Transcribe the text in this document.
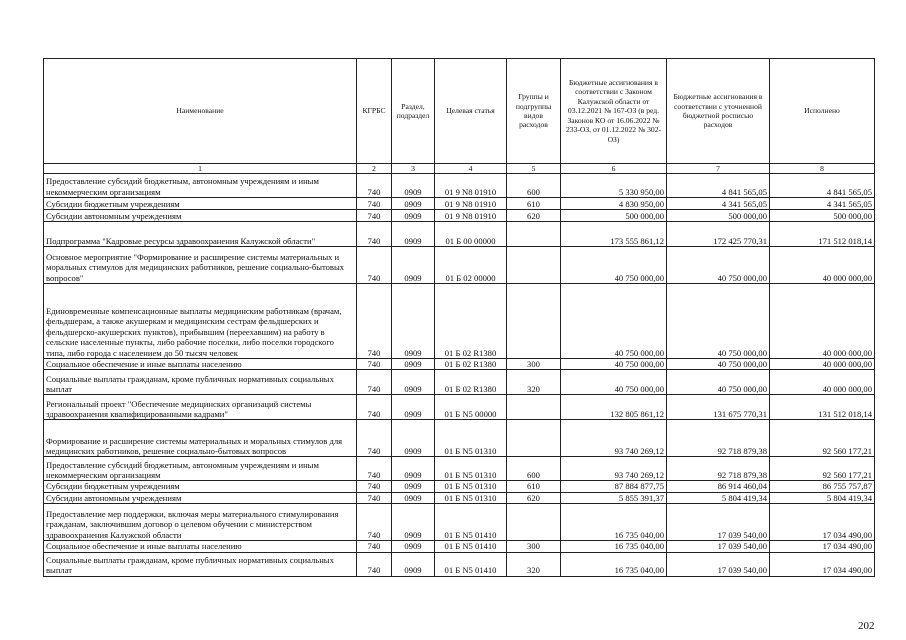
Наименование	КГРБС	Раздел, подраздел	Целевая статья	Группы и подгруппы видов расходов	Бюджетные ассигнования в соответствии с Законом Калужской области от 03.12.2021 № 167-ОЗ (в ред. Законов КО от 16.06.2022 № 233-ОЗ, от 01.12.2022 № 302-ОЗ)	Бюджетные ассигнования в соответствии с уточненной бюджетной росписью расходов	Исполнено
1	2	3	4	5	6	7	8
Предоставление субсидий бюджетным, автономным учреждениям и иным некоммерческим организациям	740	0909	01 9 N8 01910	600	5 330 950,00	4 841 565,05	4 841 565,05
Субсидии бюджетным учреждениям	740	0909	01 9 N8 01910	610	4 830 950,00	4 341 565,05	4 341 565,05
Субсидии автономным учреждениям	740	0909	01 9 N8 01910	620	500 000,00	500 000,00	500 000,00
Подпрограмма "Кадровые ресурсы здравоохранения Калужской области"	740	0909	01 Б 00 00000		173 555 861,12	172 425 770,31	171 512 018,14
Основное мероприятие "Формирование и расширение системы материальных и моральных стимулов для медицинских работников, решение социально-бытовых вопросов"	740	0909	01 Б 02 00000		40 750 000,00	40 750 000,00	40 000 000,00
Единовременные компенсационные выплаты медицинским работникам (врачам, фельдшерам, а также акушеркам и медицинским сестрам фельдшерских и фельдшерско-акушерских пунктов), прибывшим (переехавшим) на работу в сельские населенные пункты, либо рабочие поселки, либо поселки городского типа, либо города с населением до 50 тысяч человек	740	0909	01 Б 02 R1380		40 750 000,00	40 750 000,00	40 000 000,00
Социальное обеспечение и иные выплаты населению	740	0909	01 Б 02 R1380	300	40 750 000,00	40 750 000,00	40 000 000,00
Социальные выплаты гражданам, кроме публичных нормативных социальных выплат	740	0909	01 Б 02 R1380	320	40 750 000,00	40 750 000,00	40 000 000,00
Региональный проект "Обеспечение медицинских организаций системы здравоохранения квалифицированными кадрами"	740	0909	01 Б N5 00000		132 805 861,12	131 675 770,31	131 512 018,14
Формирование и расширение системы материальных и моральных стимулов для медицинских работников, решение социально-бытовых вопросов	740	0909	01 Б N5 01310		93 740 269,12	92 718 879,38	92 560 177,21
Предоставление субсидий бюджетным, автономным учреждениям и иным некоммерческим организациям	740	0909	01 Б N5 01310	600	93 740 269,12	92 718 879,38	92 560 177,21
Субсидии бюджетным учреждениям	740	0909	01 Б N5 01310	610	87 884 877,75	86 914 460,04	86 755 757,87
Субсидии автономным учреждениям	740	0909	01 Б N5 01310	620	5 855 391,37	5 804 419,34	5 804 419,34
Предоставление мер поддержки, включая меры материального стимулирования гражданам, заключившим договор о целевом обучении с министерством здравоохранения Калужской области	740	0909	01 Б N5 01410		16 735 040,00	17 039 540,00	17 034 490,00
Социальное обеспечение и иные выплаты населению	740	0909	01 Б N5 01410	300	16 735 040,00	17 039 540,00	17 034 490,00
Социальные выплаты гражданам, кроме публичных нормативных социальных выплат	740	0909	01 Б N5 01410	320	16 735 040,00	17 039 540,00	17 034 490,00
202
